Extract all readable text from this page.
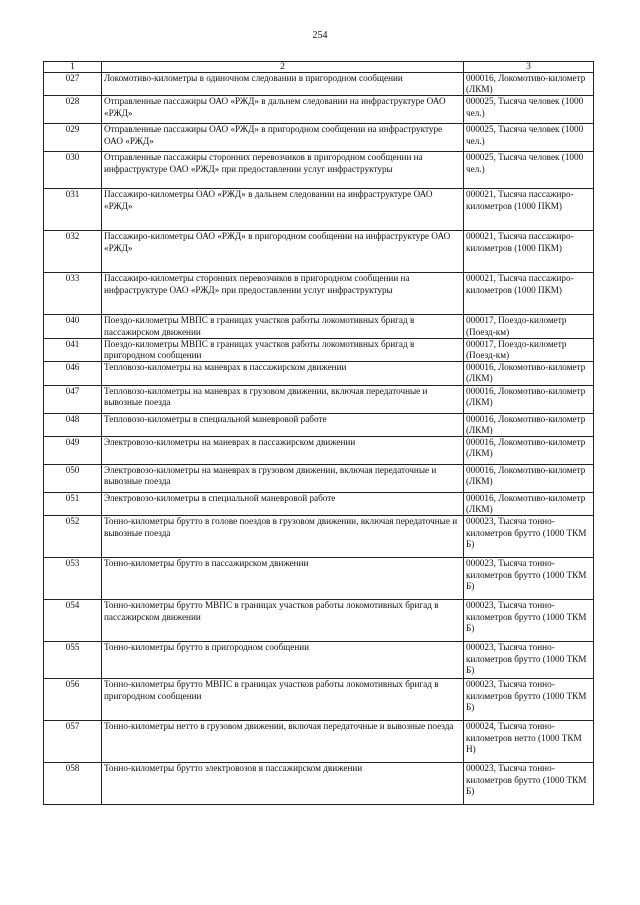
254
1	2	3
027	Локомотиво-километры в одиночном следовании в пригородном сообщении	000016, Локомотиво-километр (ЛКМ)
028	Отправленные пассажиры ОАО «РЖД» в дальнем следовании на инфраструктуре ОАО «РЖД»	000025, Тысяча человек (1000 чел.)
029	Отправленные пассажиры ОАО «РЖД» в пригородном сообщении на инфраструктуре ОАО «РЖД»	000025, Тысяча человек (1000 чел.)
030	Отправленные пассажиры сторонних перевозчиков в пригородном сообщении на инфраструктуре ОАО «РЖД» при предоставлении услуг инфраструктуры	000025, Тысяча человек (1000 чел.)
031	Пассажиро-километры ОАО «РЖД» в дальнем следовании на инфраструктуре ОАО «РЖД»	000021, Тысяча пассажиро-километров (1000 ПКМ)
032	Пассажиро-километры ОАО «РЖД» в пригородном сообщении на инфраструктуре ОАО «РЖД»	000021, Тысяча пассажиро-километров (1000 ПКМ)
033	Пассажиро-километры сторонних перевозчиков в пригородном сообщении на инфраструктуре ОАО «РЖД» при предоставлении услуг инфраструктуры	000021, Тысяча пассажиро-километров (1000 ПКМ)
040	Поездо-километры МВПС в границах участков работы локомотивных бригад в пассажирском движении	000017, Поездо-километр (Поезд-км)
041	Поездо-километры МВПС в границах участков работы локомотивных бригад в пригородном сообщении	000017, Поездо-километр (Поезд-км)
046	Тепловозо-километры на маневрах в пассажирском движении	000016, Локомотиво-километр (ЛКМ)
047	Тепловозо-километры на маневрах в грузовом движении, включая передаточные и вывозные поезда	000016, Локомотиво-километр (ЛКМ)
048	Тепловозо-километры в специальной маневровой работе	000016, Локомотиво-километр (ЛКМ)
049	Электровозо-километры на маневрах в пассажирском движении	000016, Локомотиво-километр (ЛКМ)
050	Электровозо-километры на маневрах в грузовом движении, включая передаточные и вывозные поезда	000016, Локомотиво-километр (ЛКМ)
051	Электровозо-километры в специальной маневровой работе	000016, Локомотиво-километр (ЛКМ)
052	Тонно-километры брутто в голове поездов в грузовом движении, включая передаточные и вывозные поезда	000023, Тысяча тонно-километров брутто (1000 ТКМ Б)
053	Тонно-километры брутто в пассажирском движении	000023, Тысяча тонно-километров брутто (1000 ТКМ Б)
054	Тонно-километры брутто МВПС в границах участков работы локомотивных бригад в пассажирском движении	000023, Тысяча тонно-километров брутто (1000 ТКМ Б)
055	Тонно-километры брутто в пригородном сообщении	000023, Тысяча тонно-километров брутто (1000 ТКМ Б)
056	Тонно-километры брутто МВПС в границах участков работы локомотивных бригад в пригородном сообщении	000023, Тысяча тонно-километров брутто (1000 ТКМ Б)
057	Тонно-километры нетто в грузовом движении, включая передаточные и вывозные поезда	000024, Тысяча тонно-километров нетто (1000 ТКМ Н)
058	Тонно-километры брутто электровозов в пассажирском движении	000023, Тысяча тонно-километров брутто (1000 ТКМ Б)
